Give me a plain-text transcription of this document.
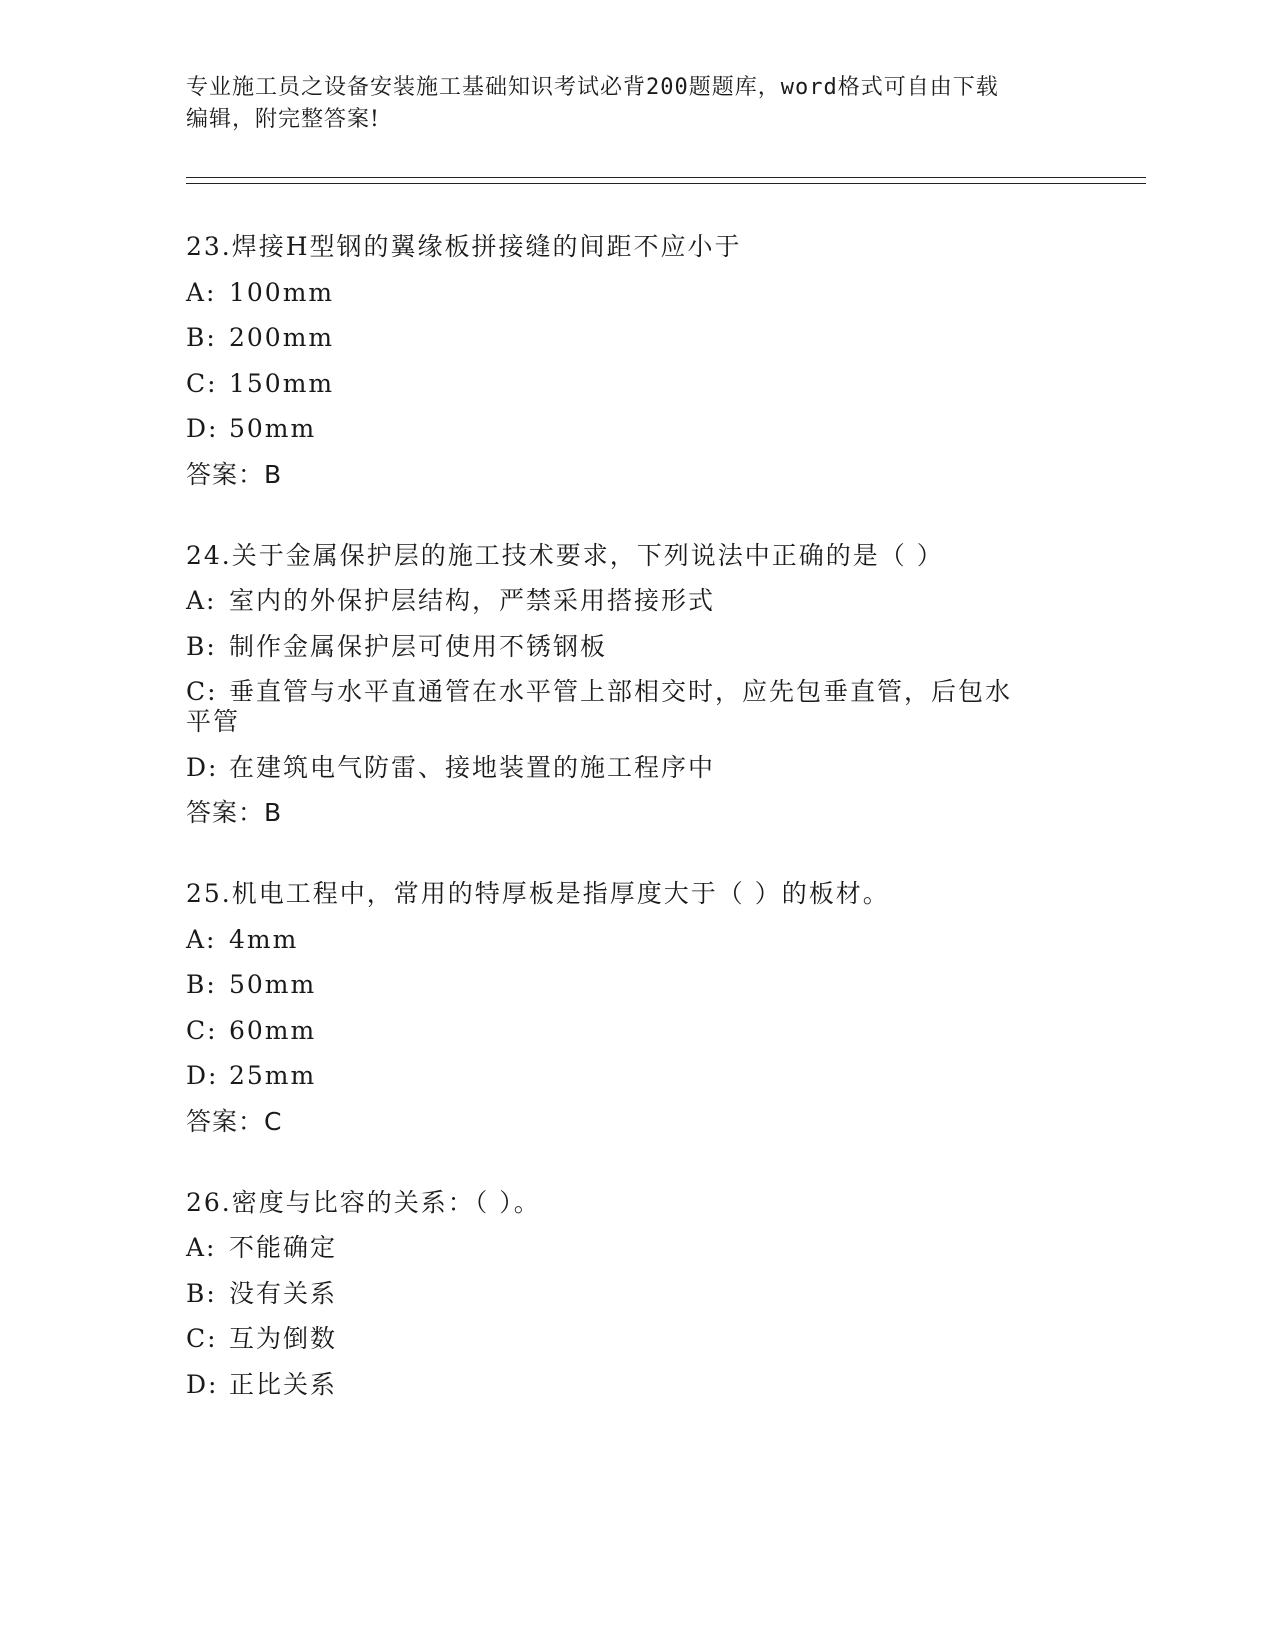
专业施工员之设备安装施工基础知识考试必背200题题库，word格式可自由下载
编辑，附完整答案!
23.焊接H型钢的翼缘板拼接缝的间距不应小于
A: 100mm
B: 200mm
C: 150mm
D: 50mm
答案：B
24.关于金属保护层的施工技术要求，下列说法中正确的是（ ）
A: 室内的外保护层结构，严禁采用搭接形式
B: 制作金属保护层可使用不锈钢板
C: 垂直管与水平直通管在水平管上部相交时，应先包垂直管，后包水
平管
D: 在建筑电气防雷、接地装置的施工程序中
答案：B
25.机电工程中，常用的特厚板是指厚度大于（ ）的板材。
A: 4mm
B: 50mm
C: 60mm
D: 25mm
答案：C
26.密度与比容的关系：（ ）。
A: 不能确定
B: 没有关系
C: 互为倒数
D: 正比关系
